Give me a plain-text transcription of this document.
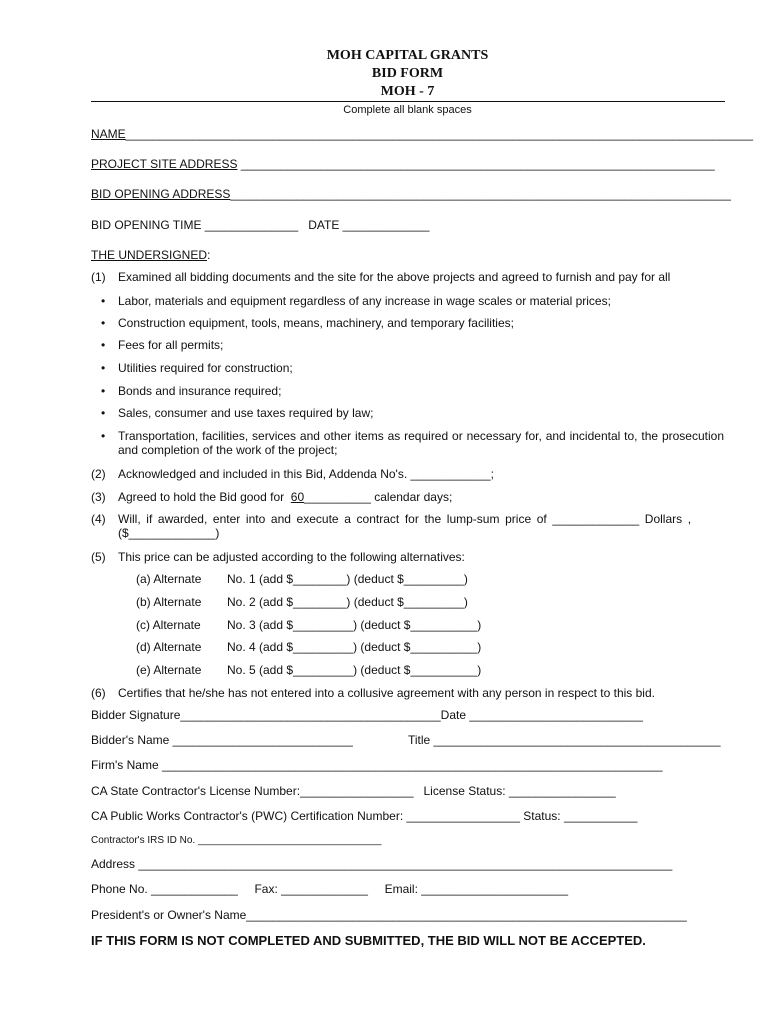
MOH CAPITAL GRANTS
BID FORM
MOH - 7
Complete all blank spaces
NAME______________________________________________________________________________________________
PROJECT SITE ADDRESS _______________________________________________________________________
BID OPENING ADDRESS___________________________________________________________________________
BID OPENING TIME ______________   DATE _____________
THE UNDERSIGNED:
(1) Examined all bidding documents and the site for the above projects and agreed to furnish and pay for all
• Labor, materials and equipment regardless of any increase in wage scales or material prices;
• Construction equipment, tools, means, machinery, and temporary facilities;
• Fees for all permits;
• Utilities required for construction;
• Bonds and insurance required;
• Sales, consumer and use taxes required by law;
• Transportation, facilities, services and other items as required or necessary for, and incidental to, the prosecution and completion of the work of the project;
(2) Acknowledged and included in this Bid, Addenda No's. ____________;
(3) Agreed to hold the Bid good for  60__________ calendar days;
(4) Will, if awarded, enter into and execute a contract for the lump-sum price of _____________ Dollars ,
($_____________)
(5) This price can be adjusted according to the following alternatives:
(a) Alternate No. 1 (add $________) (deduct $_________)
(b) Alternate No. 2 (add $________) (deduct $_________)
(c) Alternate No. 3 (add $_________) (deduct $__________)
(d) Alternate No. 4 (add $_________) (deduct $__________)
(e) Alternate No. 5 (add $_________) (deduct $__________)
(6) Certifies that he/she has not entered into a collusive agreement with any person in respect to this bid.
Bidder Signature_______________________________________Date __________________________
Bidder's Name ___________________________	Title ___________________________________________
Firm's Name ___________________________________________________________________________
CA State Contractor's License Number:_________________   License Status: ________________
CA Public Works Contractor's (PWC) Certification Number: _________________ Status: ___________
Contractor's IRS ID No. _________________________________
Address ________________________________________________________________________________
Phone No. _____________     Fax: _____________     Email: ______________________
President's or Owner's Name__________________________________________________________________
IF THIS FORM IS NOT COMPLETED AND SUBMITTED, THE BID WILL NOT BE ACCEPTED.
